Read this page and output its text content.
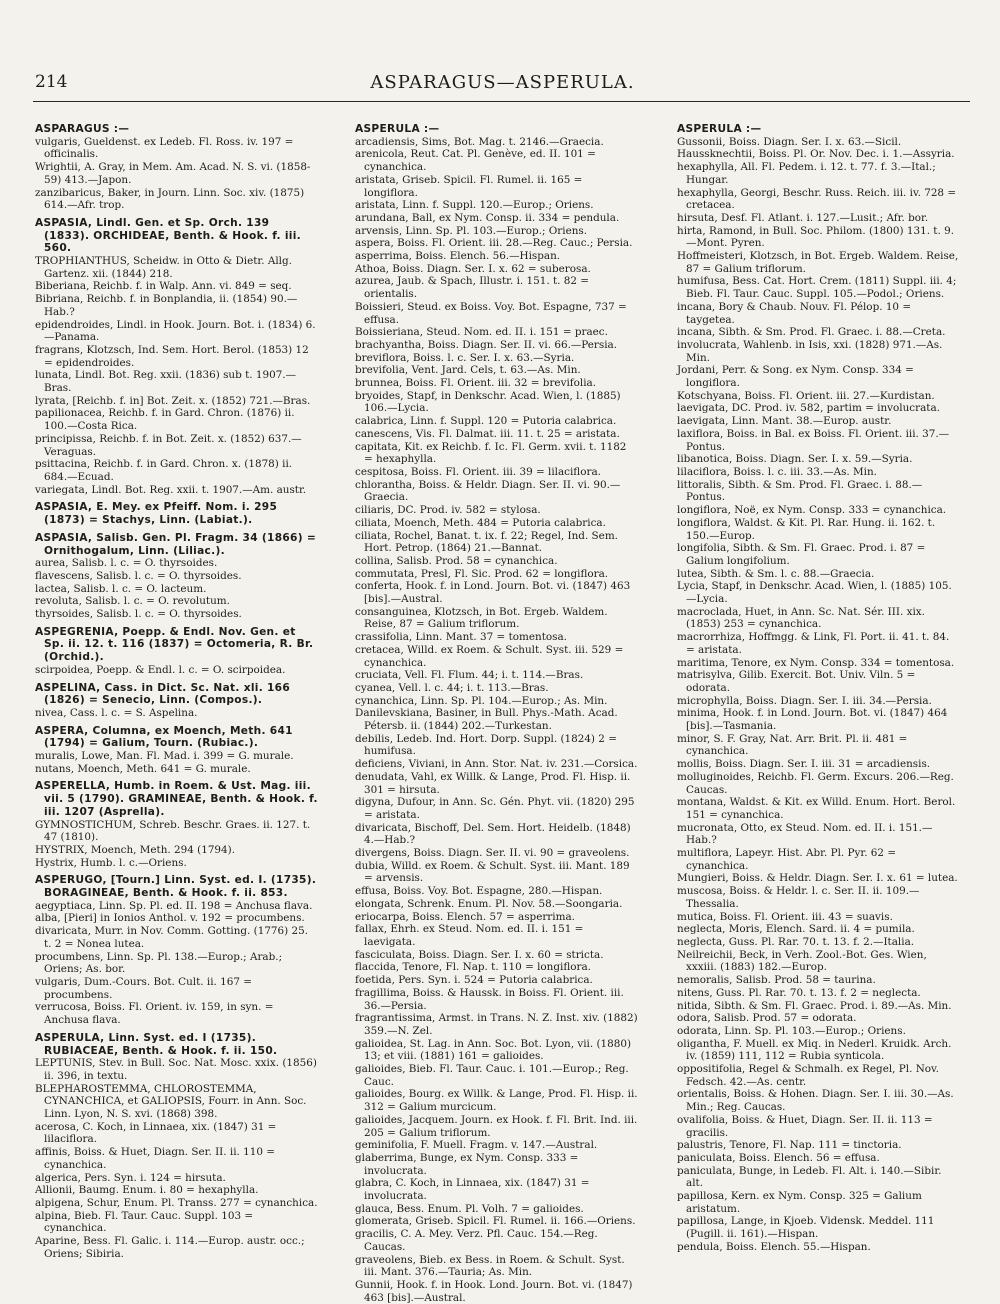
214	ASPARAGUS—ASPERULA.

ASPARAGUS :—

vulgaris, Gueldenst. ex Ledeb. Fl. Ross. iv. 197 = officinalis.

Wrightii, A. Gray, in Mem. Am. Acad. N. S. vi. (1858-59) 413.—Japon.

zanzibaricus, Baker, in Journ. Linn. Soc. xiv. (1875) 614.—Afr. trop.

ASPASIA, Lindl. Gen. et Sp. Orch. 139 (1833). ORCHIDEAE, Benth. & Hook. f. iii. 560.

TROPHIANTHUS, Scheidw. in Otto & Dietr. Allg. Gartenz. xii. (1844) 218.

Biberiana, Reichb. f. in Walp. Ann. vi. 849 = seq.

Bibriana, Reichb. f. in Bonplandia, ii. (1854) 90.—Hab.?

epidendroides, Lindl. in Hook. Journ. Bot. i. (1834) 6.—Panama.

fragrans, Klotzsch, Ind. Sem. Hort. Berol. (1853) 12 = epidendroides.

lunata, Lindl. Bot. Reg. xxii. (1836) sub t. 1907.—Bras.

lyrata, [Reichb. f. in] Bot. Zeit. x. (1852) 721.—Bras.

papilionacea, Reichb. f. in Gard. Chron. (1876) ii. 100.—Costa Rica.

principissa, Reichb. f. in Bot. Zeit. x. (1852) 637.—Veraguas.

psittacina, Reichb. f. in Gard. Chron. x. (1878) ii. 684.—Ecuad.

variegata, Lindl. Bot. Reg. xxii. t. 1907.—Am. austr.

ASPASIA, E. Mey. ex Pfeiff. Nom. i. 295 (1873) = Stachys, Linn. (Labiat.).

ASPASIA, Salisb. Gen. Pl. Fragm. 34 (1866) = Ornithogalum, Linn. (Liliac.).

aurea, Salisb. l. c. = O. thyrsoides.

flavescens, Salisb. l. c. = O. thyrsoides.

lactea, Salisb. l. c. = O. lacteum.

revoluta, Salisb. l. c. = O. revolutum.

thyrsoides, Salisb. l. c. = O. thyrsoides.

ASPEGRENIA, Poepp. & Endl. Nov. Gen. et Sp. ii. 12. t. 116 (1837) = Octomeria, R. Br. (Orchid.).

scirpoidea, Poepp. & Endl. l. c. = O. scirpoidea.

ASPELINA, Cass. in Dict. Sc. Nat. xli. 166 (1826) = Senecio, Linn. (Compos.).

nivea, Cass. l. c. = S. Aspelina.

ASPERA, Columna, ex Moench, Meth. 641 (1794) = Galium, Tourn. (Rubiac.).

muralis, Lowe, Man. Fl. Mad. i. 399 = G. murale.

nutans, Moench, Meth. 641 = G. murale.

ASPERELLA, Humb. in Roem. & Ust. Mag. iii. vii. 5 (1790). GRAMINEAE, Benth. & Hook. f. iii. 1207 (Asprella).

GYMNOSTICHUM, Schreb. Beschr. Graes. ii. 127. t. 47 (1810).

HYSTRIX, Moench, Meth. 294 (1794).

Hystrix, Humb. l. c.—Oriens.

ASPERUGO, [Tourn.] Linn. Syst. ed. I. (1735). BORAGINEAE, Benth. & Hook. f. ii. 853.

aegyptiaca, Linn. Sp. Pl. ed. II. 198 = Anchusa flava.

alba, [Pieri] in Ionios Anthol. v. 192 = procumbens.

divaricata, Murr. in Nov. Comm. Gotting. (1776) 25. t. 2 = Nonea lutea.

procumbens, Linn. Sp. Pl. 138.—Europ.; Arab.; Oriens; As. bor.

vulgaris, Dum.-Cours. Bot. Cult. ii. 167 = procumbens.

verrucosa, Boiss. Fl. Orient. iv. 159, in syn. = Anchusa flava.

ASPERULA, Linn. Syst. ed. I (1735). RUBIACEAE, Benth. & Hook. f. ii. 150.

LEPTUNIS, Stev. in Bull. Soc. Nat. Mosc. xxix. (1856) ii. 396, in textu.

BLEPHAROSTEMMA, CHLOROSTEMMA, CYNANCHICA, et GALIOPSIS, Fourr. in Ann. Soc. Linn. Lyon, N. S. xvi. (1868) 398.

acerosa, C. Koch, in Linnaea, xix. (1847) 31 = lilaciflora.

affinis, Boiss. & Huet, Diagn. Ser. II. ii. 110 = cynanchica.

algerica, Pers. Syn. i. 124 = hirsuta.

Allionii, Baumg. Enum. i. 80 = hexaphylla.

alpigena, Schur, Enum. Pl. Transs. 277 = cynanchica.

alpina, Bieb. Fl. Taur. Cauc. Suppl. 103 = cynanchica.

Aparine, Bess. Fl. Galic. i. 114.—Europ. austr. occ.; Oriens; Sibiria.

ASPERULA :—

arcadiensis, Sims, Bot. Mag. t. 2146.—Graecia.

arenicola, Reut. Cat. Pl. Genève, ed. II. 101 = cynanchica.

aristata, Griseb. Spicil. Fl. Rumel. ii. 165 = longiflora.

aristata, Linn. f. Suppl. 120.—Europ.; Oriens.

arundana, Ball, ex Nym. Consp. ii. 334 = pendula.

arvensis, Linn. Sp. Pl. 103.—Europ.; Oriens.

aspera, Boiss. Fl. Orient. iii. 28.—Reg. Cauc.; Persia.

asperrima, Boiss. Elench. 56.—Hispan.

Athoa, Boiss. Diagn. Ser. I. x. 62 = suberosa.

azurea, Jaub. & Spach, Illustr. i. 151. t. 82 = orientalis.

Boissieri, Steud. ex Boiss. Voy. Bot. Espagne, 737 = effusa.

Boissieriana, Steud. Nom. ed. II. i. 151 = praec.

brachyantha, Boiss. Diagn. Ser. II. vi. 66.—Persia.

breviflora, Boiss. l. c. Ser. I. x. 63.—Syria.

brevifolia, Vent. Jard. Cels, t. 63.—As. Min.

brunnea, Boiss. Fl. Orient. iii. 32 = brevifolia.

bryoides, Stapf, in Denkschr. Acad. Wien, l. (1885) 106.—Lycia.

calabrica, Linn. f. Suppl. 120 = Putoria calabrica.

canescens, Vis. Fl. Dalmat. iii. 11. t. 25 = aristata.

capitata, Kit. ex Reichb. f. Ic. Fl. Germ. xvii. t. 1182 = hexaphylla.

cespitosa, Boiss. Fl. Orient. iii. 39 = lilaciflora.

chlorantha, Boiss. & Heldr. Diagn. Ser. II. vi. 90.—Graecia.

ciliaris, DC. Prod. iv. 582 = stylosa.

ciliata, Moench, Meth. 484 = Putoria calabrica.

ciliata, Rochel, Banat. t. ix. f. 22; Regel, Ind. Sem. Hort. Petrop. (1864) 21.—Bannat.

collina, Salisb. Prod. 58 = cynanchica.

commutata, Presl, Fl. Sic. Prod. 62 = longiflora.

conferta, Hook. f. in Lond. Journ. Bot. vi. (1847) 463 [bis].—Austral.

consanguinea, Klotzsch, in Bot. Ergeb. Waldem. Reise, 87 = Galium triflorum.

crassifolia, Linn. Mant. 37 = tomentosa.

cretacea, Willd. ex Roem. & Schult. Syst. iii. 529 = cynanchica.

cruciata, Vell. Fl. Flum. 44; i. t. 114.—Bras.

cyanea, Vell. l. c. 44; i. t. 113.—Bras.

cynanchica, Linn. Sp. Pl. 104.—Europ.; As. Min.

Danilevskiana, Basiner, in Bull. Phys.-Math. Acad. Pétersb. ii. (1844) 202.—Turkestan.

debilis, Ledeb. Ind. Hort. Dorp. Suppl. (1824) 2 = humifusa.

deficiens, Viviani, in Ann. Stor. Nat. iv. 231.—Corsica.

denudata, Vahl, ex Willk. & Lange, Prod. Fl. Hisp. ii. 301 = hirsuta.

digyna, Dufour, in Ann. Sc. Gén. Phyt. vii. (1820) 295 = aristata.

divaricata, Bischoff, Del. Sem. Hort. Heidelb. (1848) 4.—Hab.?

divergens, Boiss. Diagn. Ser. II. vi. 90 = graveolens.

dubia, Willd. ex Roem. & Schult. Syst. iii. Mant. 189 = arvensis.

effusa, Boiss. Voy. Bot. Espagne, 280.—Hispan.

elongata, Schrenk. Enum. Pl. Nov. 58.—Soongaria.

eriocarpa, Boiss. Elench. 57 = asperrima.

fallax, Ehrh. ex Steud. Nom. ed. II. i. 151 = laevigata.

fasciculata, Boiss. Diagn. Ser. I. x. 60 = stricta.

flaccida, Tenore, Fl. Nap. t. 110 = longiflora.

foetida, Pers. Syn. i. 524 = Putoria calabrica.

fragillima, Boiss. & Haussk. in Boiss. Fl. Orient. iii. 36.—Persia.

fragrantissima, Armst. in Trans. N. Z. Inst. xiv. (1882) 359.—N. Zel.

galioidea, St. Lag. in Ann. Soc. Bot. Lyon, vii. (1880) 13; et viii. (1881) 161 = galioides.

galioides, Bieb. Fl. Taur. Cauc. i. 101.—Europ.; Reg. Cauc.

galioides, Bourg. ex Willk. & Lange, Prod. Fl. Hisp. ii. 312 = Galium murcicum.

galioides, Jacquem. Journ. ex Hook. f. Fl. Brit. Ind. iii. 205 = Galium triflorum.

geminifolia, F. Muell. Fragm. v. 147.—Austral.

glaberrima, Bunge, ex Nym. Consp. 333 = involucrata.

glabra, C. Koch, in Linnaea, xix. (1847) 31 = involucrata.

glauca, Bess. Enum. Pl. Volh. 7 = galioides.

glomerata, Griseb. Spicil. Fl. Rumel. ii. 166.—Oriens.

gracilis, C. A. Mey. Verz. Pfl. Cauc. 154.—Reg. Caucas.

graveolens, Bieb. ex Bess. in Roem. & Schult. Syst. iii. Mant. 376.—Tauria; As. Min.

Gunnii, Hook. f. in Hook. Lond. Journ. Bot. vi. (1847) 463 [bis].—Austral.

ASPERULA :—

Gussonii, Boiss. Diagn. Ser. I. x. 63.—Sicil.

Haussknechtii, Boiss. Pl. Or. Nov. Dec. i. 1.—Assyria.

hexaphylla, All. Fl. Pedem. i. 12. t. 77. f. 3.—Ital.; Hungar.

hexaphylla, Georgi, Beschr. Russ. Reich. iii. iv. 728 = cretacea.

hirsuta, Desf. Fl. Atlant. i. 127.—Lusit.; Afr. bor.

hirta, Ramond, in Bull. Soc. Philom. (1800) 131. t. 9.—Mont. Pyren.

Hoffmeisteri, Klotzsch, in Bot. Ergeb. Waldem. Reise, 87 = Galium triflorum.

humifusa, Bess. Cat. Hort. Crem. (1811) Suppl. iii. 4; Bieb. Fl. Taur. Cauc. Suppl. 105.—Podol.; Oriens.

incana, Bory & Chaub. Nouv. Fl. Pélop. 10 = taygetea.

incana, Sibth. & Sm. Prod. Fl. Graec. i. 88.—Creta.

involucrata, Wahlenb. in Isis, xxi. (1828) 971.—As. Min.

Jordani, Perr. & Song. ex Nym. Consp. 334 = longiflora.

Kotschyana, Boiss. Fl. Orient. iii. 27.—Kurdistan.

laevigata, DC. Prod. iv. 582, partim = involucrata.

laevigata, Linn. Mant. 38.—Europ. austr.

laxiflora, Boiss. in Bal. ex Boiss. Fl. Orient. iii. 37.—Pontus.

libanotica, Boiss. Diagn. Ser. I. x. 59.—Syria.

lilaciflora, Boiss. l. c. iii. 33.—As. Min.

littoralis, Sibth. & Sm. Prod. Fl. Graec. i. 88.—Pontus.

longiflora, Noë, ex Nym. Consp. 333 = cynanchica.

longiflora, Waldst. & Kit. Pl. Rar. Hung. ii. 162. t. 150.—Europ.

longifolia, Sibth. & Sm. Fl. Graec. Prod. i. 87 = Galium longifolium.

lutea, Sibth. & Sm. l. c. 88.—Graecia.

Lycia, Stapf, in Denkschr. Acad. Wien, l. (1885) 105.—Lycia.

macroclada, Huet, in Ann. Sc. Nat. Sér. III. xix. (1853) 253 = cynanchica.

macrorrhiza, Hoffmgg. & Link, Fl. Port. ii. 41. t. 84. = aristata.

maritima, Tenore, ex Nym. Consp. 334 = tomentosa.

matrisylva, Gilib. Exercit. Bot. Univ. Viln. 5 = odorata.

microphylla, Boiss. Diagn. Ser. I. iii. 34.—Persia.

minima, Hook. f. in Lond. Journ. Bot. vi. (1847) 464 [bis].—Tasmania.

minor, S. F. Gray, Nat. Arr. Brit. Pl. ii. 481 = cynanchica.

mollis, Boiss. Diagn. Ser. I. iii. 31 = arcadiensis.

molluginoides, Reichb. Fl. Germ. Excurs. 206.—Reg. Caucas.

montana, Waldst. & Kit. ex Willd. Enum. Hort. Berol. 151 = cynanchica.

mucronata, Otto, ex Steud. Nom. ed. II. i. 151.—Hab.?

multiflora, Lapeyr. Hist. Abr. Pl. Pyr. 62 = cynanchica.

Mungieri, Boiss. & Heldr. Diagn. Ser. I. x. 61 = lutea.

muscosa, Boiss. & Heldr. l. c. Ser. II. ii. 109.—Thessalia.

mutica, Boiss. Fl. Orient. iii. 43 = suavis.

neglecta, Moris, Elench. Sard. ii. 4 = pumila.

neglecta, Guss. Pl. Rar. 70. t. 13. f. 2.—Italia.

Neilreichii, Beck, in Verh. Zool.-Bot. Ges. Wien, xxxiii. (1883) 182.—Europ.

nemoralis, Salisb. Prod. 58 = taurina.

nitens, Guss. Pl. Rar. 70. t. 13. f. 2 = neglecta.

nitida, Sibth. & Sm. Fl. Graec. Prod. i. 89.—As. Min.

odora, Salisb. Prod. 57 = odorata.

odorata, Linn. Sp. Pl. 103.—Europ.; Oriens.

oligantha, F. Muell. ex Miq. in Nederl. Kruidk. Arch. iv. (1859) 111, 112 = Rubia synticola.

oppositifolia, Regel & Schmalh. ex Regel, Pl. Nov. Fedsch. 42.—As. centr.

orientalis, Boiss. & Hohen. Diagn. Ser. I. iii. 30.—As. Min.; Reg. Caucas.

ovalifolia, Boiss. & Huet, Diagn. Ser. II. ii. 113 = gracilis.

palustris, Tenore, Fl. Nap. 111 = tinctoria.

paniculata, Boiss. Elench. 56 = effusa.

paniculata, Bunge, in Ledeb. Fl. Alt. i. 140.—Sibir. alt.

papillosa, Kern. ex Nym. Consp. 325 = Galium aristatum.

papillosa, Lange, in Kjoeb. Vidensk. Meddel. 111 (Pugill. ii. 161).—Hispan.

pendula, Boiss. Elench. 55.—Hispan.
